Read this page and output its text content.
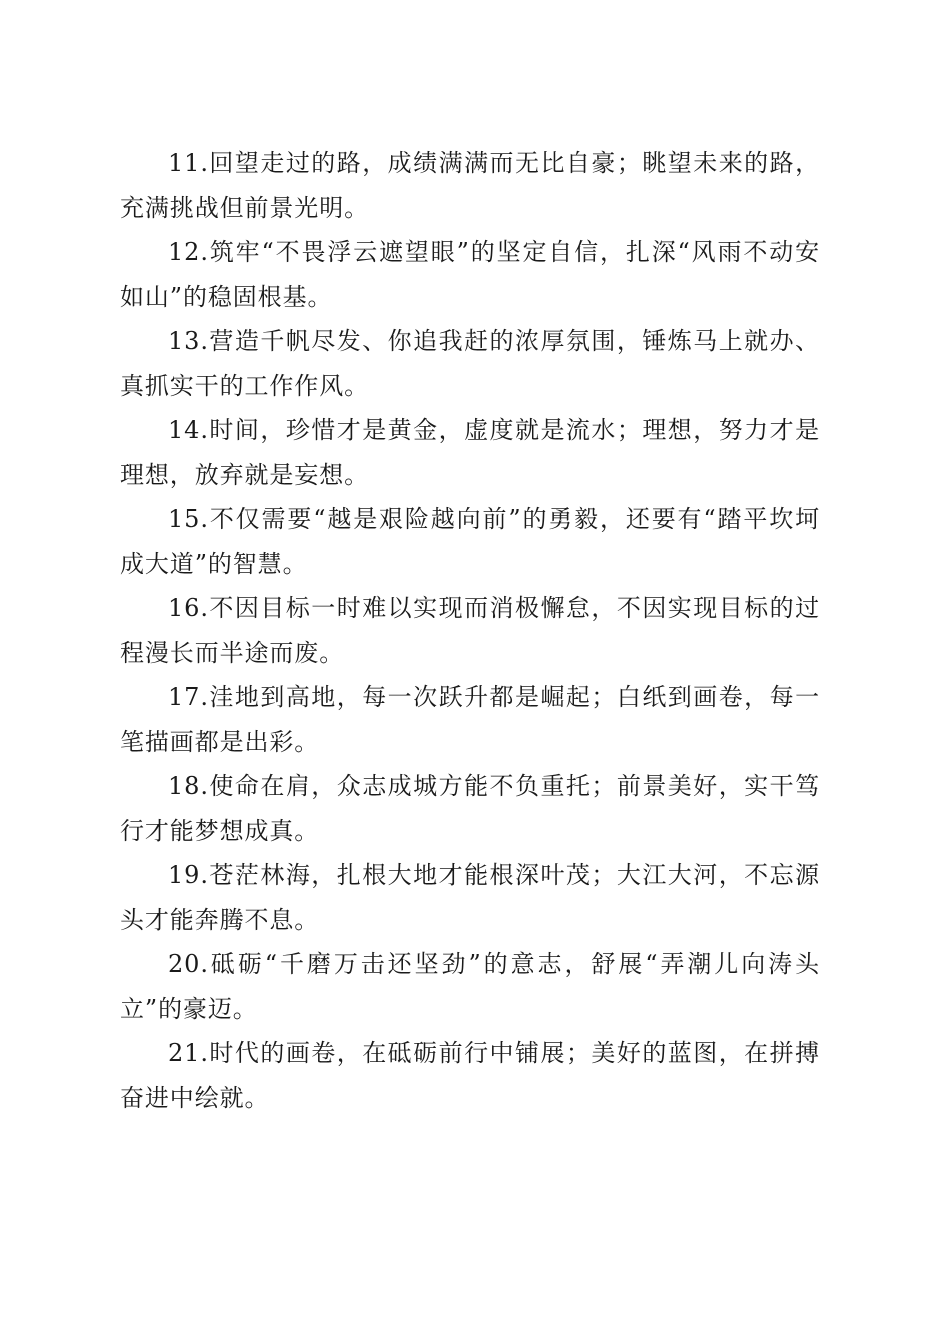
11.回望走过的路，成绩满满而无比自豪；眺望未来的路，充满挑战但前景光明。

12.筑牢“不畏浮云遮望眼”的坚定自信，扎深“风雨不动安如山”的稳固根基。

13.营造千帆尽发、你追我赶的浓厚氛围，锤炼马上就办、真抓实干的工作作风。

14.时间，珍惜才是黄金，虚度就是流水；理想，努力才是理想，放弃就是妄想。

15.不仅需要“越是艰险越向前”的勇毅，还要有“踏平坎坷成大道”的智慧。

16.不因目标一时难以实现而消极懈怠，不因实现目标的过程漫长而半途而废。

17.洼地到高地，每一次跃升都是崛起；白纸到画卷，每一笔描画都是出彩。

18.使命在肩，众志成城方能不负重托；前景美好，实干笃行才能梦想成真。

19.苍茫林海，扎根大地才能根深叶茂；大江大河，不忘源头才能奔腾不息。

20.砥砺“千磨万击还坚劲”的意志，舒展“弄潮儿向涛头立”的豪迈。

21.时代的画卷，在砥砺前行中铺展；美好的蓝图，在拼搏奋进中绘就。
